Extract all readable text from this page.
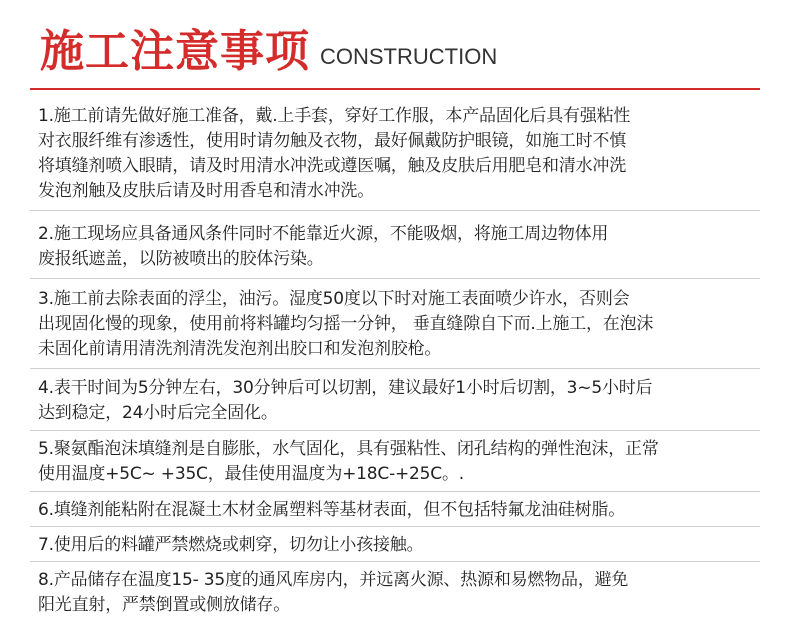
施工注意事项 CONSTRUCTION
1.施工前请先做好施工准备，戴.上手套，穿好工作服，本产品固化后具有强粘性
对衣服纤维有渗透性，使用时请勿触及衣物，最好佩戴防护眼镜，如施工时不慎
将填缝剂喷入眼睛，请及时用清水冲洗或遵医嘱，触及皮肤后用肥皂和清水冲洗
发泡剂触及皮肤后请及时用香皂和清水冲洗。
2.施工现场应具备通风条件同时不能靠近火源，不能吸烟，将施工周边物体用
废报纸遮盖，以防被喷出的胶体污染。
3.施工前去除表面的浮尘，油污。湿度50度以下时对施工表面喷少许水，否则会
出现固化慢的现象，使用前将料罐均匀摇一分钟， 垂直缝隙自下而.上施工，在泡沫
未固化前请用清洗剂清洗发泡剂出胶口和发泡剂胶枪。
4.表干时间为5分钟左右，30分钟后可以切割，建议最好1小时后切割，3~5小时后
达到稳定，24小时后完全固化。
5.聚氨酯泡沫填缝剂是自膨胀，水气固化，具有强粘性、闭孔结构的弹性泡沫，正常
使用温度+5C~ +35C，最佳使用温度为+18C-+25C。.
6.填缝剂能粘附在混凝土木材金属塑料等基材表面，但不包括特氟龙油硅树脂。
7.使用后的料罐严禁燃烧或刺穿，切勿让小孩接触。
8.产品储存在温度15- 35度的通风库房内，并远离火源、热源和易燃物品，避免
阳光直射，严禁倒置或侧放储存。
